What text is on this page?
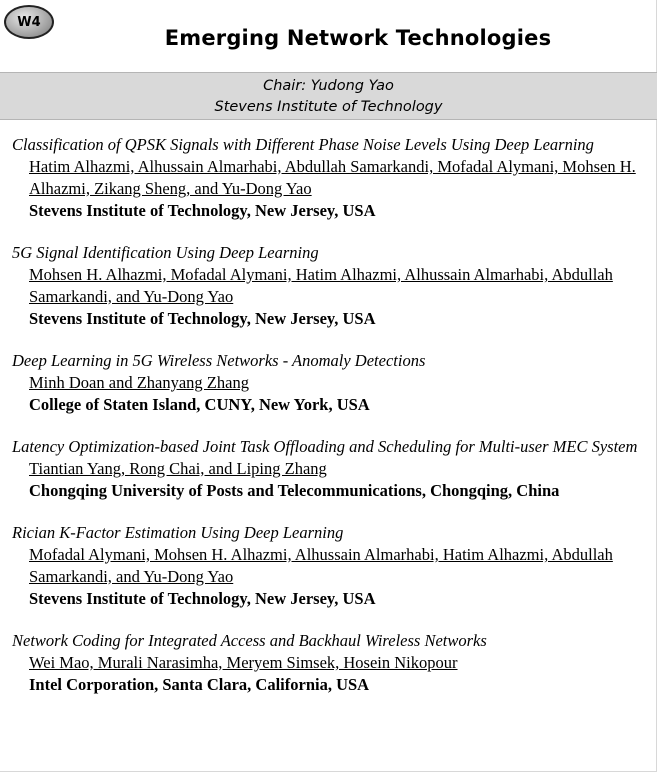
W4
Emerging Network Technologies
Chair: Yudong Yao
Stevens Institute of Technology
Classification of QPSK Signals with Different Phase Noise Levels Using Deep Learning
Hatim Alhazmi, Alhussain Almarhabi, Abdullah Samarkandi, Mofadal Alymani, Mohsen H. Alhazmi, Zikang Sheng, and Yu-Dong Yao
Stevens Institute of Technology, New Jersey, USA
5G Signal Identification Using Deep Learning
Mohsen H. Alhazmi, Mofadal Alymani, Hatim Alhazmi, Alhussain Almarhabi, Abdullah Samarkandi, and Yu-Dong Yao
Stevens Institute of Technology, New Jersey, USA
Deep Learning in 5G Wireless Networks - Anomaly Detections
Minh Doan and Zhanyang Zhang
College of Staten Island, CUNY, New York, USA
Latency Optimization-based Joint Task Offloading and Scheduling for Multi-user MEC System
Tiantian Yang, Rong Chai, and Liping Zhang
Chongqing University of Posts and Telecommunications, Chongqing, China
Rician K-Factor Estimation Using Deep Learning
Mofadal Alymani, Mohsen H. Alhazmi, Alhussain Almarhabi, Hatim Alhazmi, Abdullah Samarkandi, and Yu-Dong Yao
Stevens Institute of Technology, New Jersey, USA
Network Coding for Integrated Access and Backhaul Wireless Networks
Wei Mao, Murali Narasimha, Meryem Simsek, Hosein Nikopour
Intel Corporation, Santa Clara, California, USA
